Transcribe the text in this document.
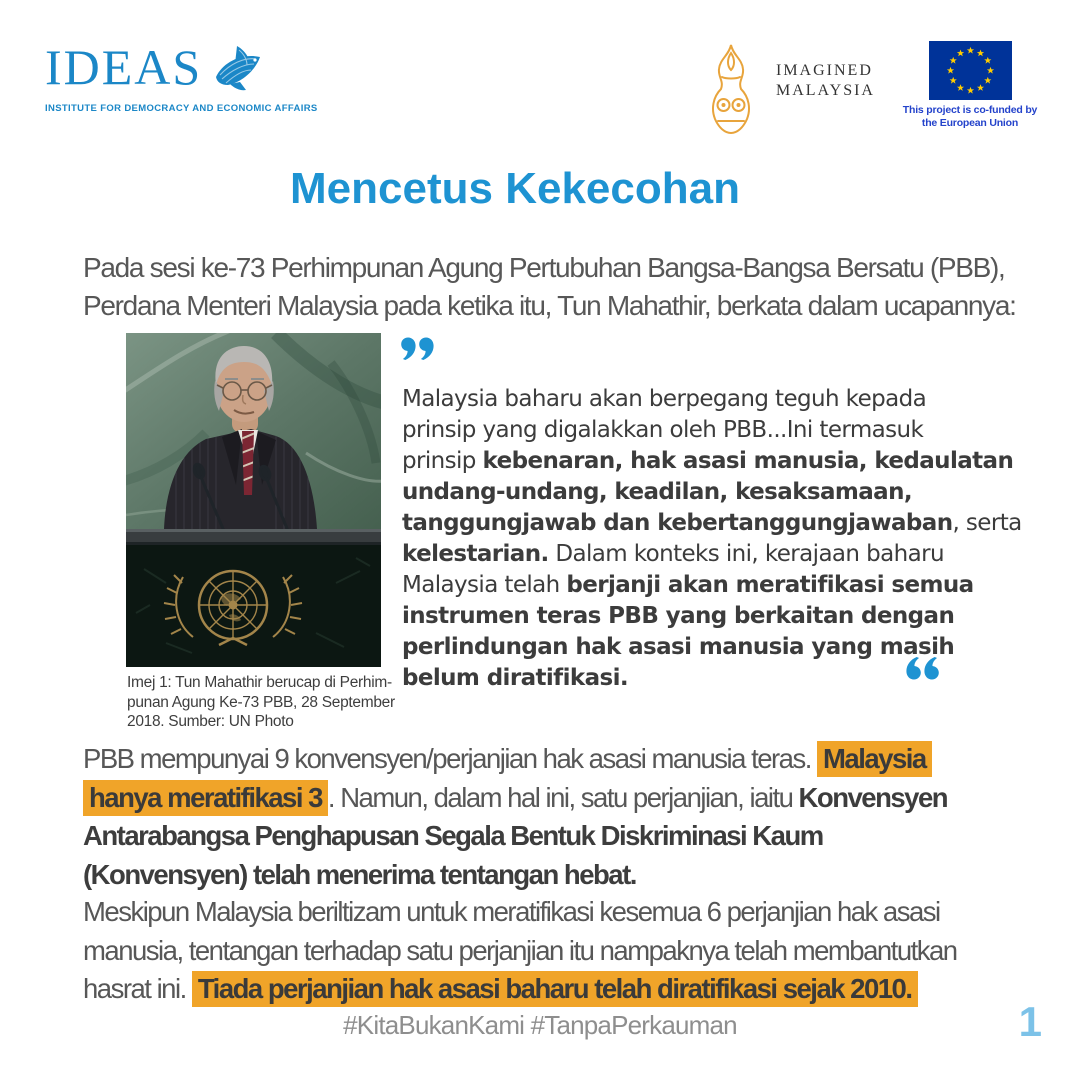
IDEAS
INSTITUTE FOR DEMOCRACY AND ECONOMIC AFFAIRS
IMAGINED
MALAYSIA
This project is co-funded by
the European Union
Mencetus Kekecohan
Pada sesi ke-73 Perhimpunan Agung Pertubuhan Bangsa-Bangsa Bersatu (PBB),
Perdana Menteri Malaysia pada ketika itu, Tun Mahathir, berkata dalam ucapannya:
Imej 1: Tun Mahathir berucap di Perhim-
punan Agung Ke-73 PBB, 28 September
2018. Sumber: UN Photo
Malaysia baharu akan berpegang teguh kepada
prinsip yang digalakkan oleh PBB...Ini termasuk
prinsip kebenaran, hak asasi manusia, kedaulatan
undang-undang, keadilan, kesaksamaan,
tanggungjawab dan kebertanggungjawaban, serta
kelestarian. Dalam konteks ini, kerajaan baharu
Malaysia telah berjanji akan meratifikasi semua
instrumen teras PBB yang berkaitan dengan
perlindungan hak asasi manusia yang masih
belum diratifikasi.
PBB mempunyai 9 konvensyen/perjanjian hak asasi manusia teras. Malaysia
hanya meratifikasi 3 . Namun, dalam hal ini, satu perjanjian, iaitu Konvensyen
Antarabangsa Penghapusan Segala Bentuk Diskriminasi Kaum
(Konvensyen) telah menerima tentangan hebat.
Meskipun Malaysia beriltizam untuk meratifikasi kesemua 6 perjanjian hak asasi
manusia, tentangan terhadap satu perjanjian itu nampaknya telah membantutkan
hasrat ini. Tiada perjanjian hak asasi baharu telah diratifikasi sejak 2010.
#KitaBukanKami #TanpaPerkauman	1
